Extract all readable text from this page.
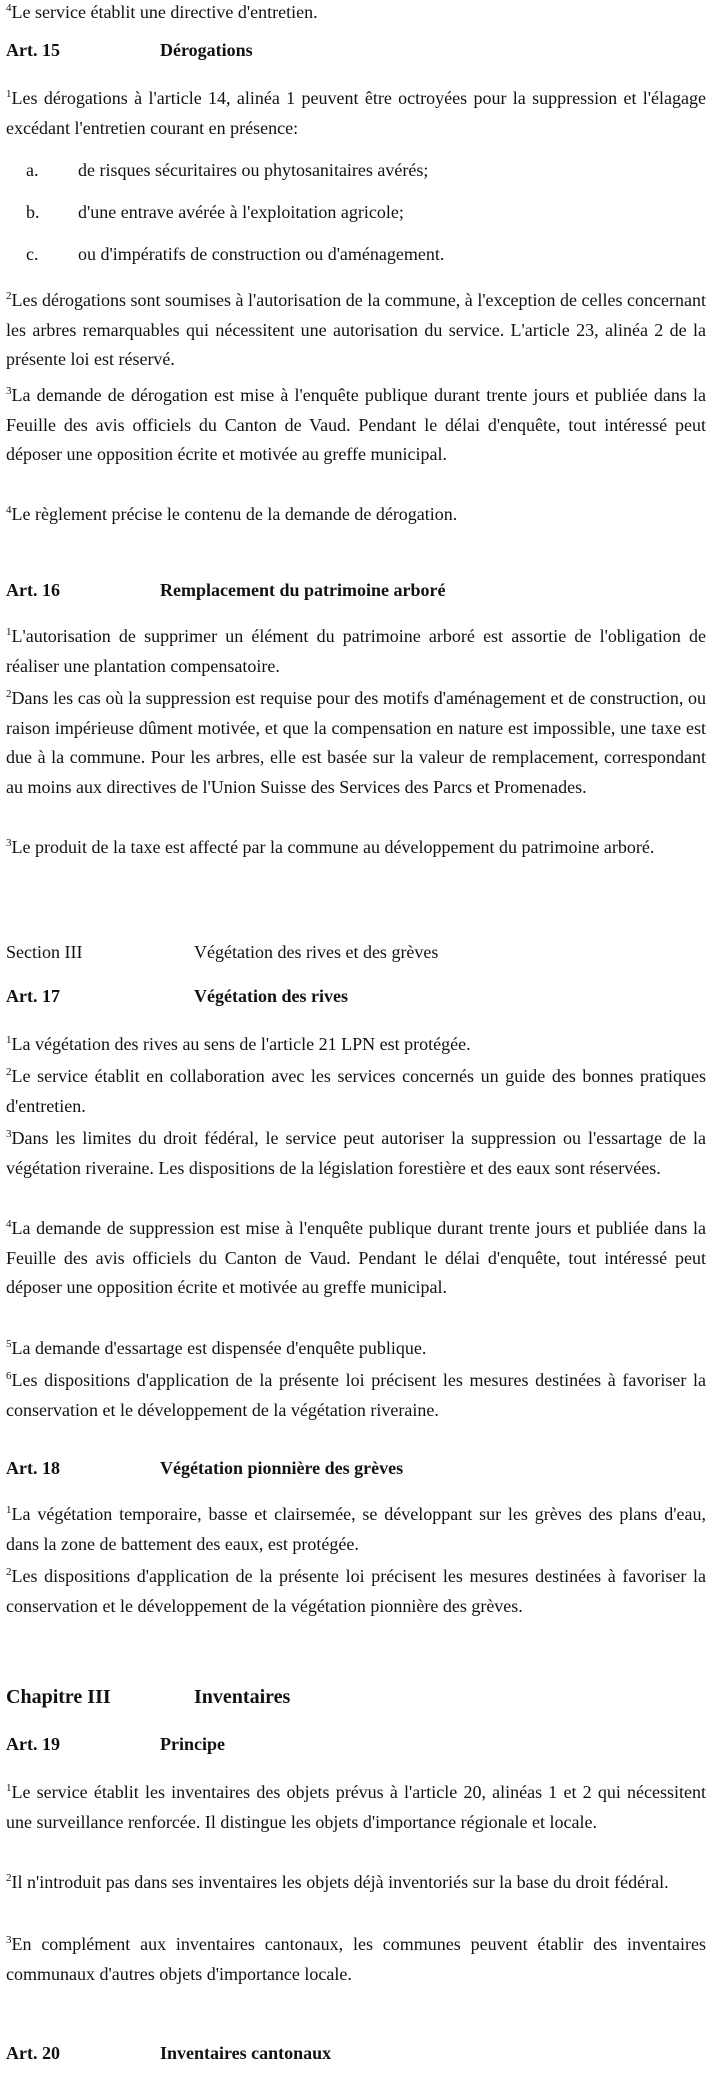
$^4$Le service établit une directive d'entretien.

Art. 15	Dérogations

$^1$Les dérogations à l'article 14, alinéa 1 peuvent être octroyées pour la suppression et l'élagage excédant l'entretien courant en présence:

a. de risques sécuritaires ou phytosanitaires avérés;
b. d'une entrave avérée à l'exploitation agricole;
c. ou d'impératifs de construction ou d'aménagement.

$^2$Les dérogations sont soumises à l'autorisation de la commune, à l'exception de celles concernant les arbres remarquables qui nécessitent une autorisation du service. L'article 23, alinéa 2 de la présente loi est réservé.

$^3$La demande de dérogation est mise à l'enquête publique durant trente jours et publiée dans la Feuille des avis officiels du Canton de Vaud. Pendant le délai d'enquête, tout intéressé peut déposer une opposition écrite et motivée au greffe municipal.

$^4$Le règlement précise le contenu de la demande de dérogation.

Art. 16	Remplacement du patrimoine arboré

$^1$L'autorisation de supprimer un élément du patrimoine arboré est assortie de l'obligation de réaliser une plantation compensatoire.

$^2$Dans les cas où la suppression est requise pour des motifs d'aménagement et de construction, ou raison impérieuse dûment motivée, et que la compensation en nature est impossible, une taxe est due à la commune. Pour les arbres, elle est basée sur la valeur de remplacement, correspondant au moins aux directives de l'Union Suisse des Services des Parcs et Promenades.

$^3$Le produit de la taxe est affecté par la commune au développement du patrimoine arboré.

Section III	Végétation des rives et des grèves
Art. 17	Végétation des rives

$^1$La végétation des rives au sens de l'article 21 LPN est protégée.

$^2$Le service établit en collaboration avec les services concernés un guide des bonnes pratiques d'entretien.

$^3$Dans les limites du droit fédéral, le service peut autoriser la suppression ou l'essartage de la végétation riveraine. Les dispositions de la législation forestière et des eaux sont réservées.

$^4$La demande de suppression est mise à l'enquête publique durant trente jours et publiée dans la Feuille des avis officiels du Canton de Vaud. Pendant le délai d'enquête, tout intéressé peut déposer une opposition écrite et motivée au greffe municipal.

$^5$La demande d'essartage est dispensée d'enquête publique.

$^6$Les dispositions d'application de la présente loi précisent les mesures destinées à favoriser la conservation et le développement de la végétation riveraine.

Art. 18	Végétation pionnière des grèves

$^1$La végétation temporaire, basse et clairsemée, se développant sur les grèves des plans d'eau, dans la zone de battement des eaux, est protégée.

$^2$Les dispositions d'application de la présente loi précisent les mesures destinées à favoriser la conservation et le développement de la végétation pionnière des grèves.

Chapitre III	Inventaires
Art. 19	Principe

$^1$Le service établit les inventaires des objets prévus à l'article 20, alinéas 1 et 2 qui nécessitent une surveillance renforcée. Il distingue les objets d'importance régionale et locale.

$^2$Il n'introduit pas dans ses inventaires les objets déjà inventoriés sur la base du droit fédéral.

$^3$En complément aux inventaires cantonaux, les communes peuvent établir des inventaires communaux d'autres objets d'importance locale.

Art. 20	Inventaires cantonaux
